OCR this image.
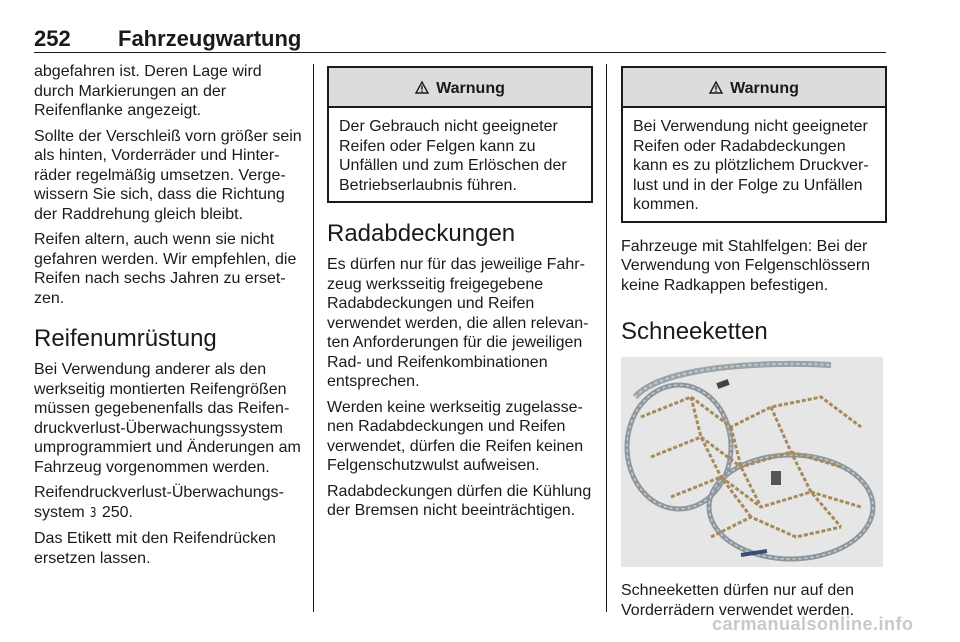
252 Fahrzeugwartung

abgefahren ist. Deren Lage wird durch Markierungen an der Reifenflanke angezeigt.

Sollte der Verschleiß vorn größer sein als hinten, Vorderräder und Hinterräder regelmäßig umsetzen. Vergewissern Sie sich, dass die Richtung der Raddrehung gleich bleibt.

Reifen altern, auch wenn sie nicht gefahren werden. Wir empfehlen, die Reifen nach sechs Jahren zu ersetzen.

Reifenumrüstung

Bei Verwendung anderer als den werkseitig montierten Reifengrößen müssen gegebenenfalls das Reifendruckverlust-Überwachungssystem umprogrammiert und Änderungen am Fahrzeug vorgenommen werden.

Reifendruckverlust-Überwachungssystem 3 250.

Das Etikett mit den Reifendrücken ersetzen lassen.

Warnung

Der Gebrauch nicht geeigneter Reifen oder Felgen kann zu Unfällen und zum Erlöschen der Betriebserlaubnis führen.

Radabdeckungen

Es dürfen nur für das jeweilige Fahrzeug werksseitig freigegebene Radabdeckungen und Reifen verwendet werden, die allen relevanten Anforderungen für die jeweiligen Rad- und Reifenkombinationen entsprechen.

Werden keine werkseitig zugelassenen Radabdeckungen und Reifen verwendet, dürfen die Reifen keinen Felgenschutzwulst aufweisen.

Radabdeckungen dürfen die Kühlung der Bremsen nicht beeinträchtigen.

Warnung

Bei Verwendung nicht geeigneter Reifen oder Radabdeckungen kann es zu plötzlichem Druckverlust und in der Folge zu Unfällen kommen.

Fahrzeuge mit Stahlfelgen: Bei der Verwendung von Felgenschlössern keine Radkappen befestigen.

Schneeketten

Schneeketten dürfen nur auf den Vorderrädern verwendet werden.

carmanualsonline.info
